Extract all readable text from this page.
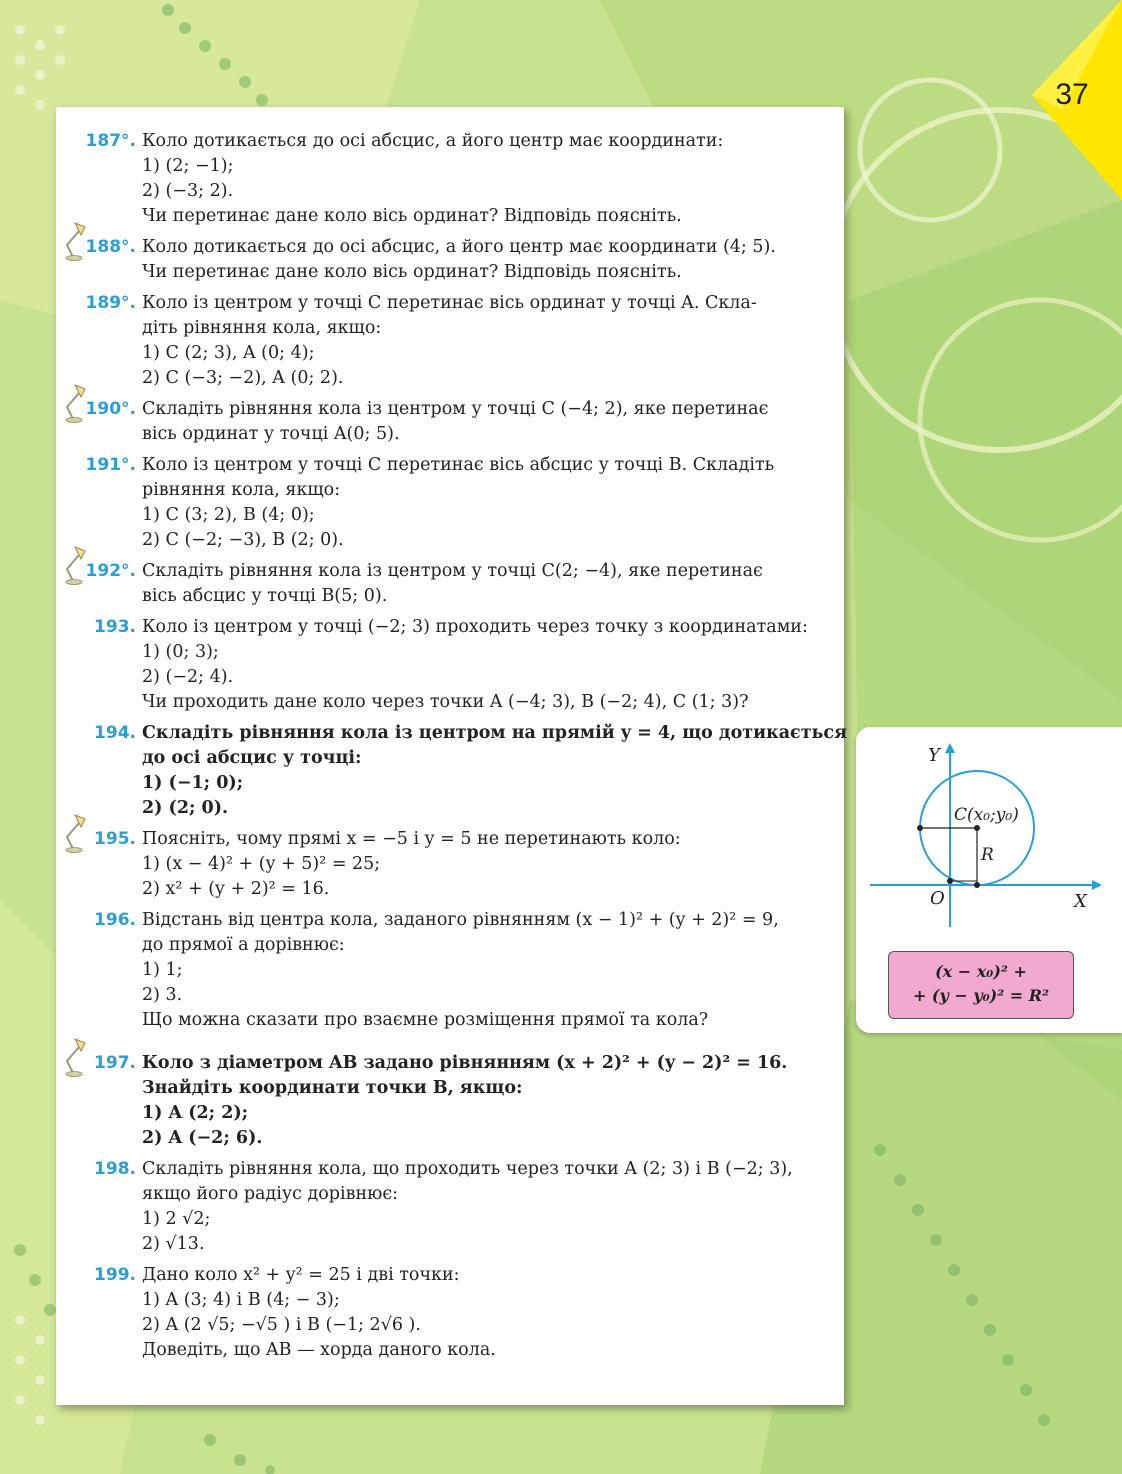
37
187°. Коло дотикається до осі абсцис, а його центр має координати:
1) (2; −1);
2) (−3; 2).
Чи перетинає дане коло вісь ординат? Відповідь поясніть.
188°. Коло дотикається до осі абсцис, а його центр має координати (4; 5).
Чи перетинає дане коло вісь ординат? Відповідь поясніть.
189°. Коло із центром у точці C перетинає вісь ординат у точці A. Скла-
діть рівняння кола, якщо:
1) C (2; 3), A (0; 4);
2) C (−3; −2), A (0; 2).
190°. Складіть рівняння кола із центром у точці C (−4; 2), яке перетинає
вісь ординат у точці A(0; 5).
191°. Коло із центром у точці C перетинає вісь абсцис у точці B. Складіть
рівняння кола, якщо:
1) C (3; 2), B (4; 0);
2) C (−2; −3), B (2; 0).
192°. Складіть рівняння кола із центром у точці C(2; −4), яке перетинає
вісь абсцис у точці B(5; 0).
193. Коло із центром у точці (−2; 3) проходить через точку з координатами:
1) (0; 3);
2) (−2; 4).
Чи проходить дане коло через точки A (−4; 3), B (−2; 4), C (1; 3)?
194. Складіть рівняння кола із центром на прямій y = 4, що дотикається
до осі абсцис у точці:
1) (−1; 0);
2) (2; 0).
195. Поясніть, чому прямі x = −5 і y = 5 не перетинають коло:
1) (x − 4)² + (y + 5)² = 25;
2) x² + (y + 2)² = 16.
196. Відстань від центра кола, заданого рівнянням (x − 1)² + (y + 2)² = 9,
до прямої a дорівнює:
1) 1;
2) 3.
Що можна сказати про взаємне розміщення прямої та кола?
197. Коло з діаметром AB задано рівнянням (x + 2)² + (y − 2)² = 16.
Знайдіть координати точки B, якщо:
1) A (2; 2);
2) A (−2; 6).
198. Складіть рівняння кола, що проходить через точки A (2; 3) і B (−2; 3),
якщо його радіус дорівнює:
1) 2 √2;
2) √13.
199. Дано коло x² + y² = 25 і дві точки:
1) A (3; 4) і B (4; − 3);
2) A (2 √5; −√5 ) і B (−1; 2√6 ).
Доведіть, що AB — хорда даного кола.
Y
X
O
C(x₀;y₀)
R
(x − x₀)² +
+ (y − y₀)² = R²
